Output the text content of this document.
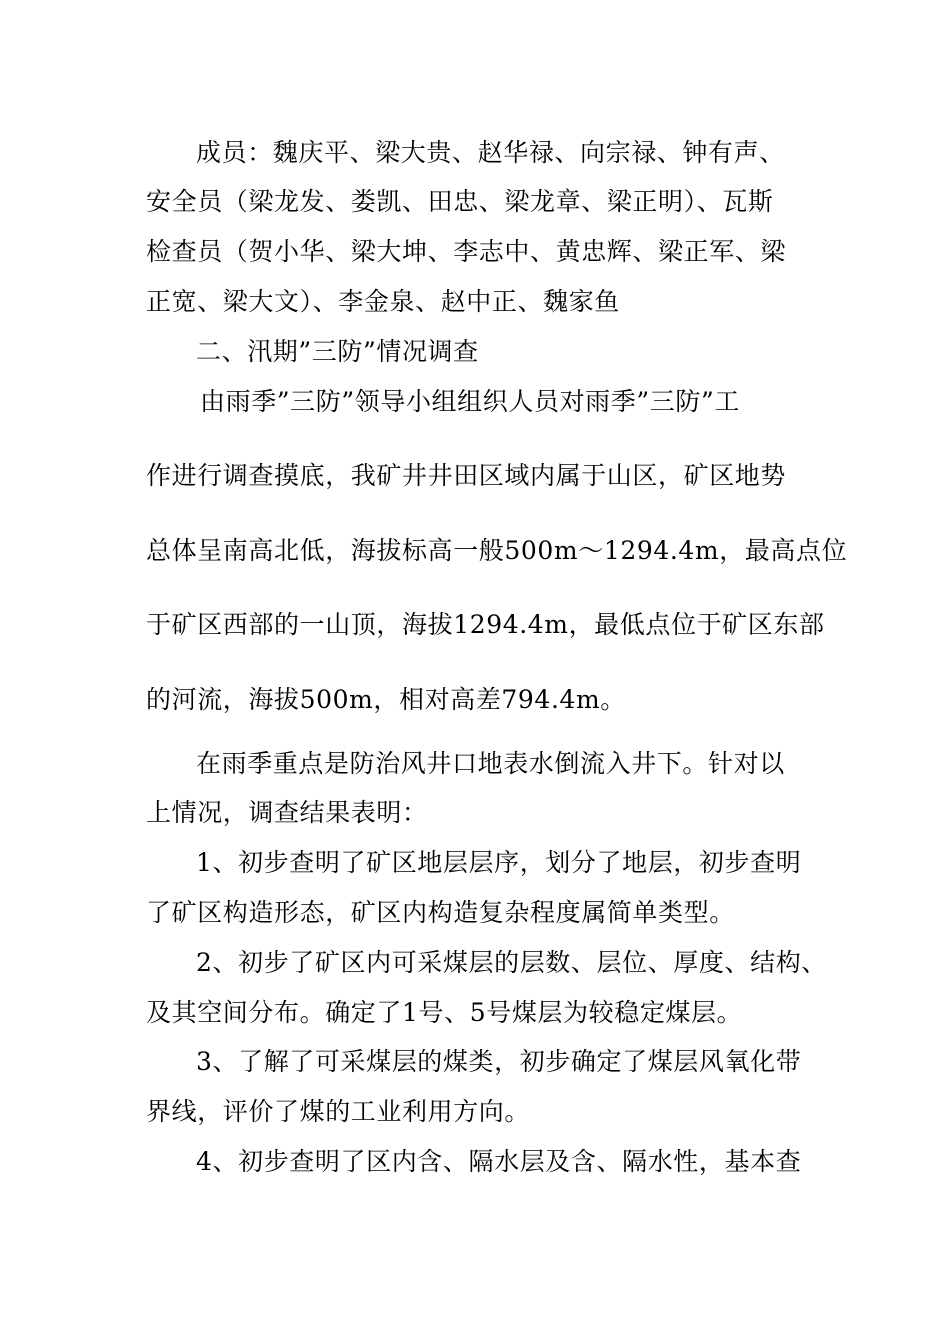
成员：魏庆平、梁大贵、赵华禄、向宗禄、钟有声、
安全员（梁龙发、娄凯、田忠、梁龙章、梁正明）、瓦斯
检查员（贺小华、梁大坤、李志中、黄忠辉、梁正军、梁
正宽、梁大文）、李金泉、赵中正、魏家鱼
二、汛期”三防”情况调查
由雨季”三防”领导小组组织人员对雨季”三防”工
作进行调查摸底，我矿井井田区域内属于山区，矿区地势
总体呈南高北低，海拔标高一般500m～1294.4m，最高点位
于矿区西部的一山顶，海拔1294.4m，最低点位于矿区东部
的河流，海拔500m，相对高差794.4m。
在雨季重点是防治风井口地表水倒流入井下。针对以
上情况，调查结果表明：
1、初步查明了矿区地层层序，划分了地层，初步查明
了矿区构造形态，矿区内构造复杂程度属简单类型。
2、初步了矿区内可采煤层的层数、层位、厚度、结构、
及其空间分布。确定了1号、5号煤层为较稳定煤层。
3、了解了可采煤层的煤类，初步确定了煤层风氧化带
界线，评价了煤的工业利用方向。
4、初步查明了区内含、隔水层及含、隔水性，基本查
